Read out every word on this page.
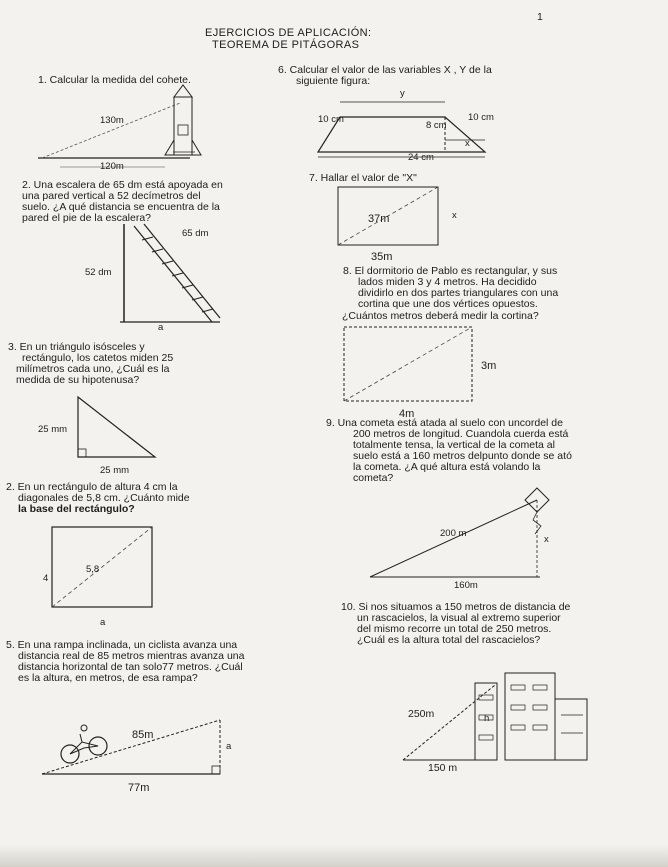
1
EJERCICIOS DE APLICACIÓN:
TEOREMA DE PITÁGORAS
1. Calcular la medida del cohete.
130m
120m
2. Una escalera de 65 dm está apoyada en
una pared vertical a 52 decímetros del
suelo. ¿A qué distancia se encuentra de la
pared el pie de la escalera?
65 dm
52 dm
a
3. En un triángulo isósceles y
rectángulo, los catetos miden 25
milímetros cada uno, ¿Cuál es la
medida de su hipotenusa?
25 mm
25 mm
2. En un rectángulo de altura 4 cm la
diagonales de 5,8 cm. ¿Cuánto mide
la base del rectángulo?
4
5,8
a
5. En una rampa inclinada, un ciclista avanza una
distancia real de 85 metros mientras avanza una
distancia horizontal de tan solo77 metros. ¿Cuál
es la altura, en metros, de esa rampa?
85m
a
77m
6. Calcular el valor de las variables X , Y de la
siguiente figura:
y
10 cm
8 cm
10 cm
x
24 cm
7. Hallar el valor de "X"
37m	x
35m
8. El dormitorio de Pablo es rectangular, y sus
lados miden 3 y 4 metros. Ha decidido
dividirlo en dos partes triangulares con una
cortina que une dos vértices opuestos.
¿Cuántos metros deberá medir la cortina?
3m
4m
9. Una cometa está atada al suelo con uncordel de
200 metros de longitud. Cuandola cuerda está
totalmente tensa, la vertical de la cometa al
suelo está a 160 metros delpunto donde se ató
la cometa. ¿A qué altura está volando la
cometa?
200 m
x
160m
10. Si nos situamos a 150 metros de distancia de
un rascacielos, la visual al extremo superior
del mismo recorre un total de 250 metros.
¿Cuál es la altura total del rascacielos?
250m	h
150 m
